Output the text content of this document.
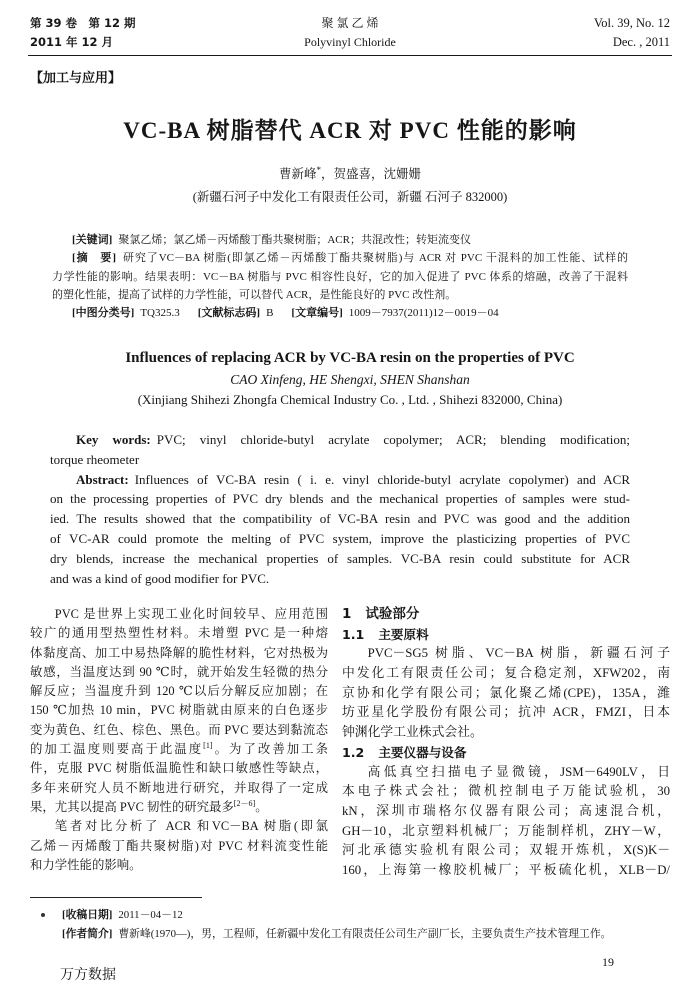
第 39 卷　第 12 期
2011 年 12 月
聚 氯 乙 烯
Polyvinyl Chloride
Vol. 39, No. 12
Dec. , 2011
【加工与应用】
VC-BA 树脂替代 ACR 对 PVC 性能的影响
曹新峰*，贺盛喜，沈姗姗
(新疆石河子中发化工有限责任公司，新疆 石河子 832000)
[关键词] 聚氯乙烯；氯乙烯－丙烯酸丁酯共聚树脂；ACR；共混改性；转矩流变仪
[摘　要] 研究了VC－BA 树脂(即氯乙烯－丙烯酸丁酯共聚树脂)与 ACR 对 PVC 干混料的加工性能、试样的
力学性能的影响。结果表明：VC－BA 树脂与 PVC 相容性良好，它的加入促进了 PVC 体系的熔融，改善了干混料
的塑化性能，提高了试样的力学性能，可以替代 ACR，是性能良好的 PVC 改性剂。
[中图分类号] TQ325.3 [文献标志码] B [文章编号] 1009－7937(2011)12－0019－04
Influences of replacing ACR by VC-BA resin on the properties of PVC
CAO Xinfeng, HE Shengxi, SHEN Shanshan
(Xinjiang Shihezi Zhongfa Chemical Industry Co. , Ltd. , Shihezi 832000, China)
Key words: PVC; vinyl chloride-butyl acrylate copolymer; ACR; blending modification;
torque rheometer
Abstract: Influences of VC-BA resin ( i. e. vinyl chloride-butyl acrylate copolymer) and ACR
on the processing properties of PVC dry blends and the mechanical properties of samples were stud-
ied. The results showed that the compatibility of VC-BA resin and PVC was good and the addition
of VC-AR could promote the melting of PVC system, improve the plasticizing properties of PVC
dry blends, increase the mechanical properties of samples. VC-BA resin could substitute for ACR
and was a kind of good modifier for PVC.
PVC 是世界上实现工业化时间较早、应用范围
较广的通用型热塑性材料。未增塑 PVC 是一种熔
体黏度高、加工中易热降解的脆性材料，它对热极为
敏感，当温度达到 90 ℃时，就开始发生轻微的热分
解反应；当温度升到 120 ℃以后分解反应加剧；在
150 ℃加热 10 min，PVC 树脂就由原来的白色逐步
变为黄色、红色、棕色、黑色。而 PVC 要达到黏流态
的加工温度则要高于此温度[1]。为了改善加工条
件，克服 PVC 树脂低温脆性和缺口敏感性等缺点，
多年来研究人员不断地进行研究，并取得了一定成
果，尤其以提高 PVC 韧性的研究最多[2－6]。
笔者对比分析了 ACR 和VC－BA 树脂(即氯
乙烯－丙烯酸丁酯共聚树脂)对 PVC 材料流变性能
和力学性能的影响。
1 试验部分
1.1 主要原料
PVC－SG5 树脂、VC－BA 树脂，新疆石河子
中发化工有限责任公司；复合稳定剂，XFW202，南
京协和化学有限公司；氯化聚乙烯(CPE)，135A，潍
坊亚星化学股份有限公司；抗冲 ACR，FMZI，日本
钟渊化学工业株式会社。
1.2 主要仪器与设备
高低真空扫描电子显微镜，JSM－6490LV，日
本电子株式会社；微机控制电子万能试验机，30
kN，深圳市瑞格尔仪器有限公司；高速混合机，
GH－10，北京塑料机械厂；万能制样机，ZHY－W，
河北承德实验机有限公司；双辊开炼机，X(S)K－
160，上海第一橡胶机械厂；平板硫化机，XLB－D/
[收稿日期] 2011－04－12
[作者简介] 曹新峰(1970—)，男，工程师，任新疆中发化工有限责任公司生产副厂长，主要负责生产技术管理工作。
19
万方数据
